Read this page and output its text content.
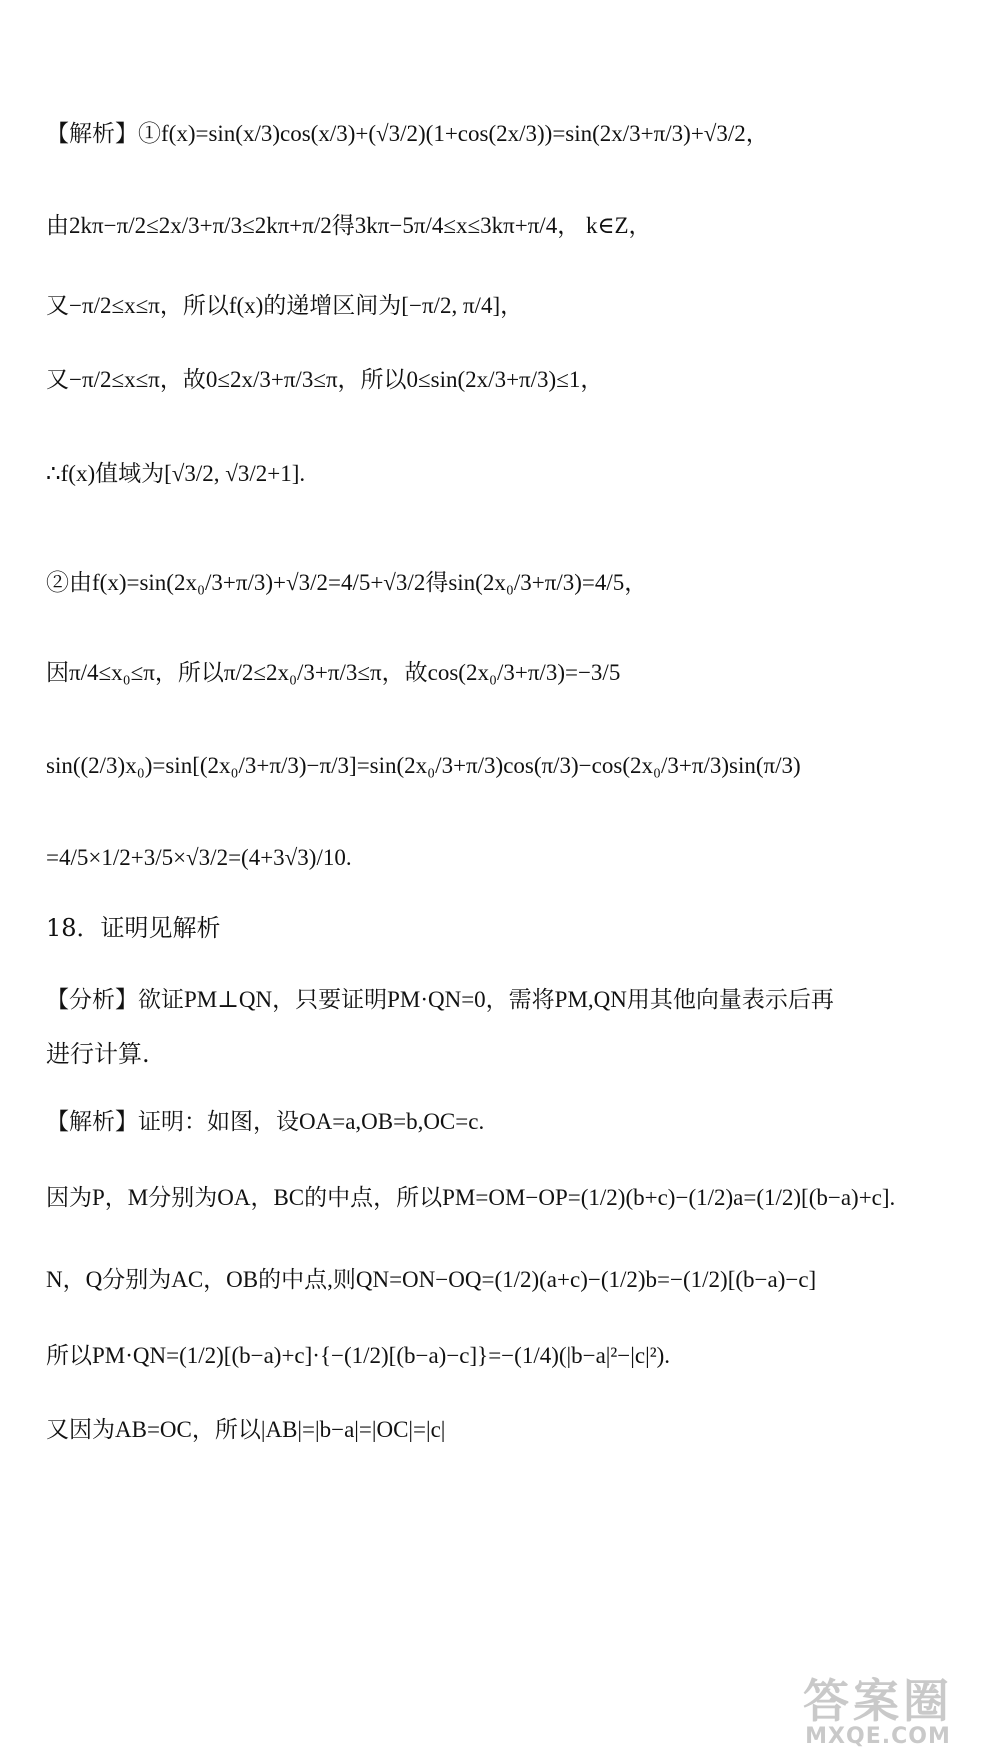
【解析】①f(x)=sin(x/3)cos(x/3)+(√3/2)(1+cos(2x/3))=sin(2x/3+π/3)+√3/2，
由2kπ−π/2≤2x/3+π/3≤2kπ+π/2得3kπ−5π/4≤x≤3kπ+π/4， k∈Z，
又−π/2≤x≤π，所以f(x)的递增区间为[−π/2, π/4]，
又−π/2≤x≤π，故0≤2x/3+π/3≤π，所以0≤sin(2x/3+π/3)≤1，
∴f(x)值域为[√3/2, √3/2+1].
②由f(x)=sin(2x₀/3+π/3)+√3/2=4/5+√3/2得sin(2x₀/3+π/3)=4/5，
因π/4≤x₀≤π，所以π/2≤2x₀/3+π/3≤π，故cos(2x₀/3+π/3)=−3/5
sin((2/3)x₀)=sin[(2x₀/3+π/3)−π/3]=sin(2x₀/3+π/3)cos(π/3)−cos(2x₀/3+π/3)sin(π/3)
=4/5×1/2+3/5×√3/2=(4+3√3)/10.
18．证明见解析
【分析】欲证PM⊥QN，只要证明PM·QN=0，需将PM,QN用其他向量表示后再
进行计算.
【解析】证明：如图，设OA=a,OB=b,OC=c.
因为P，M分别为OA，BC的中点，所以PM=OM−OP=(1/2)(b+c)−(1/2)a=(1/2)[(b−a)+c].
N，Q分别为AC，OB的中点,则QN=ON−OQ=(1/2)(a+c)−(1/2)b=−(1/2)[(b−a)−c]
所以PM·QN=(1/2)[(b−a)+c]·{−(1/2)[(b−a)−c]}=−(1/4)(|b−a|²−|c|²).
又因为AB=OC，所以|AB|=|b−a|=|OC|=|c|
答案圈
MXQE.COM
